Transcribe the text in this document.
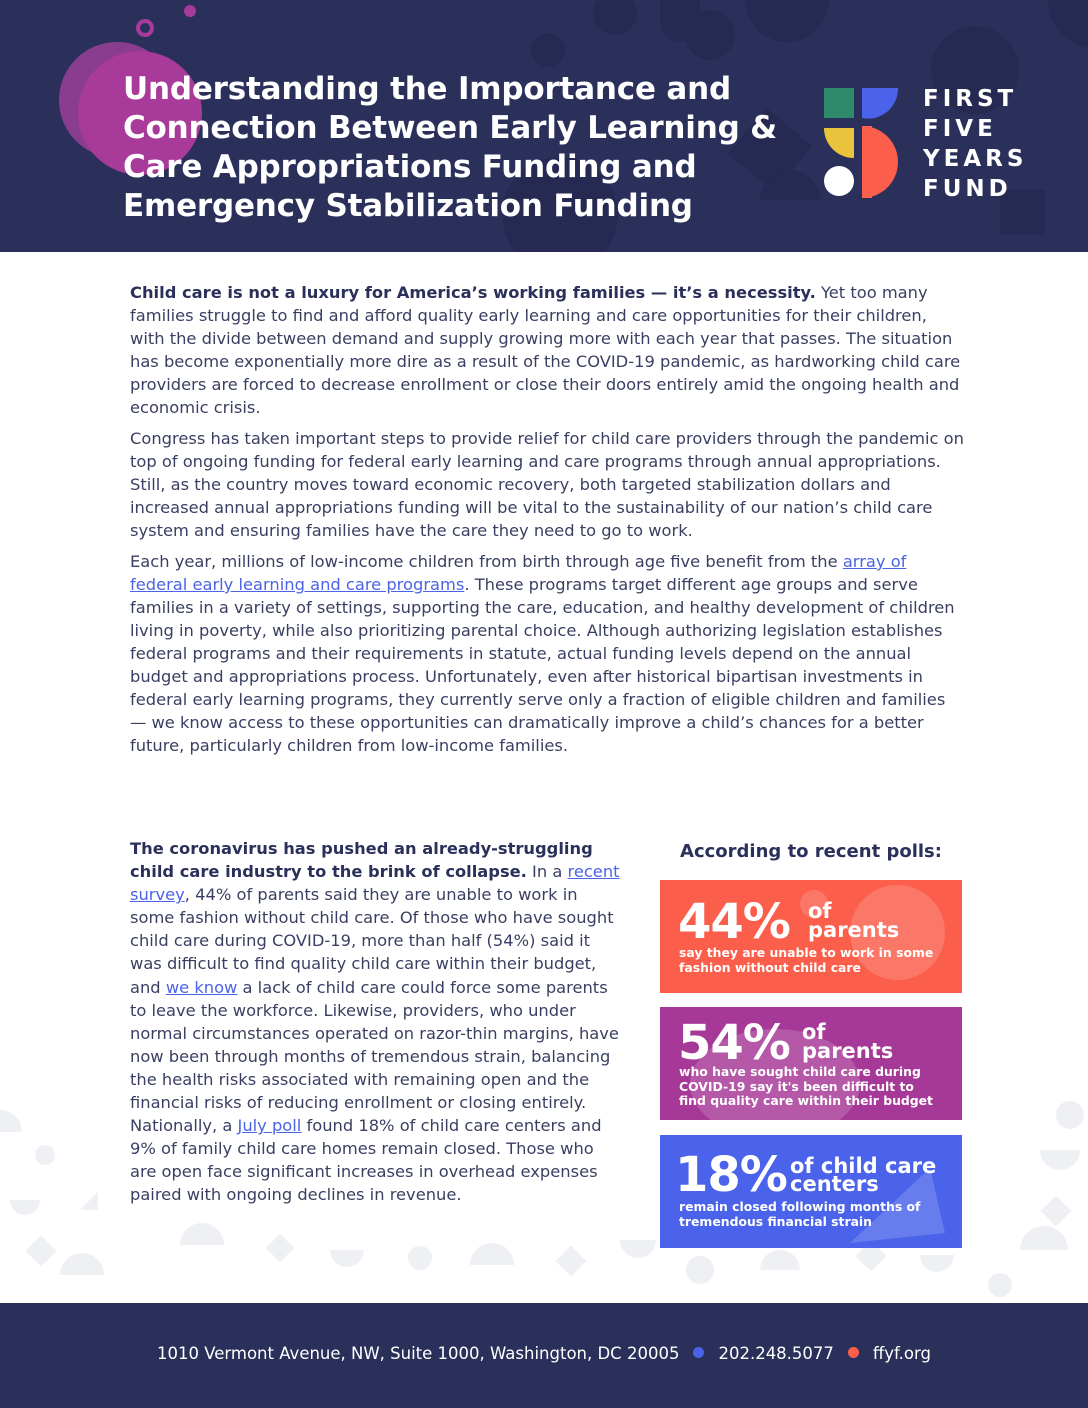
Understanding the Importance and Connection Between Early Learning & Care Appropriations Funding and Emergency Stabilization Funding
FIRST
FIVE
YEARS
FUND

Child care is not a luxury for America’s working families — it’s a necessity. Yet too many families struggle to find and afford quality early learning and care opportunities for their children, with the divide between demand and supply growing more with each year that passes. The situation has become exponentially more dire as a result of the COVID-19 pandemic, as hardworking child care providers are forced to decrease enrollment or close their doors entirely amid the ongoing health and economic crisis.

Congress has taken important steps to provide relief for child care providers through the pandemic on top of ongoing funding for federal early learning and care programs through annual appropriations. Still, as the country moves toward economic recovery, both targeted stabilization dollars and increased annual appropriations funding will be vital to the sustainability of our nation’s child care system and ensuring families have the care they need to go to work.

Each year, millions of low-income children from birth through age five benefit from the array of federal early learning and care programs. These programs target different age groups and serve families in a variety of settings, supporting the care, education, and healthy development of children living in poverty, while also prioritizing parental choice. Although authorizing legislation establishes federal programs and their requirements in statute, actual funding levels depend on the annual budget and appropriations process. Unfortunately, even after historical bipartisan investments in federal early learning programs, they currently serve only a fraction of eligible children and families — we know access to these opportunities can dramatically improve a child’s chances for a better future, particularly children from low-income families.

The coronavirus has pushed an already-struggling child care industry to the brink of collapse. In a recent survey, 44% of parents said they are unable to work in some fashion without child care. Of those who have sought child care during COVID-19, more than half (54%) said it was difficult to find quality child care within their budget, and we know a lack of child care could force some parents to leave the workforce. Likewise, providers, who under normal circumstances operated on razor-thin margins, have now been through months of tremendous strain, balancing the health risks associated with remaining open and the financial risks of reducing enrollment or closing entirely. Nationally, a July poll found 18% of child care centers and 9% of family child care homes remain closed. Those who are open face significant increases in overhead expenses paired with ongoing declines in revenue.

According to recent polls:
44% of
parents
say they are unable to work in some
fashion without child care
54% of
parents
who have sought child care during
COVID-19 say it's been difficult to
find quality care within their budget
18% of child care
centers
remain closed following months of
tremendous financial strain
1010 Vermont Avenue, NW, Suite 1000, Washington, DC 20005 202.248.5077 ffyf.org
